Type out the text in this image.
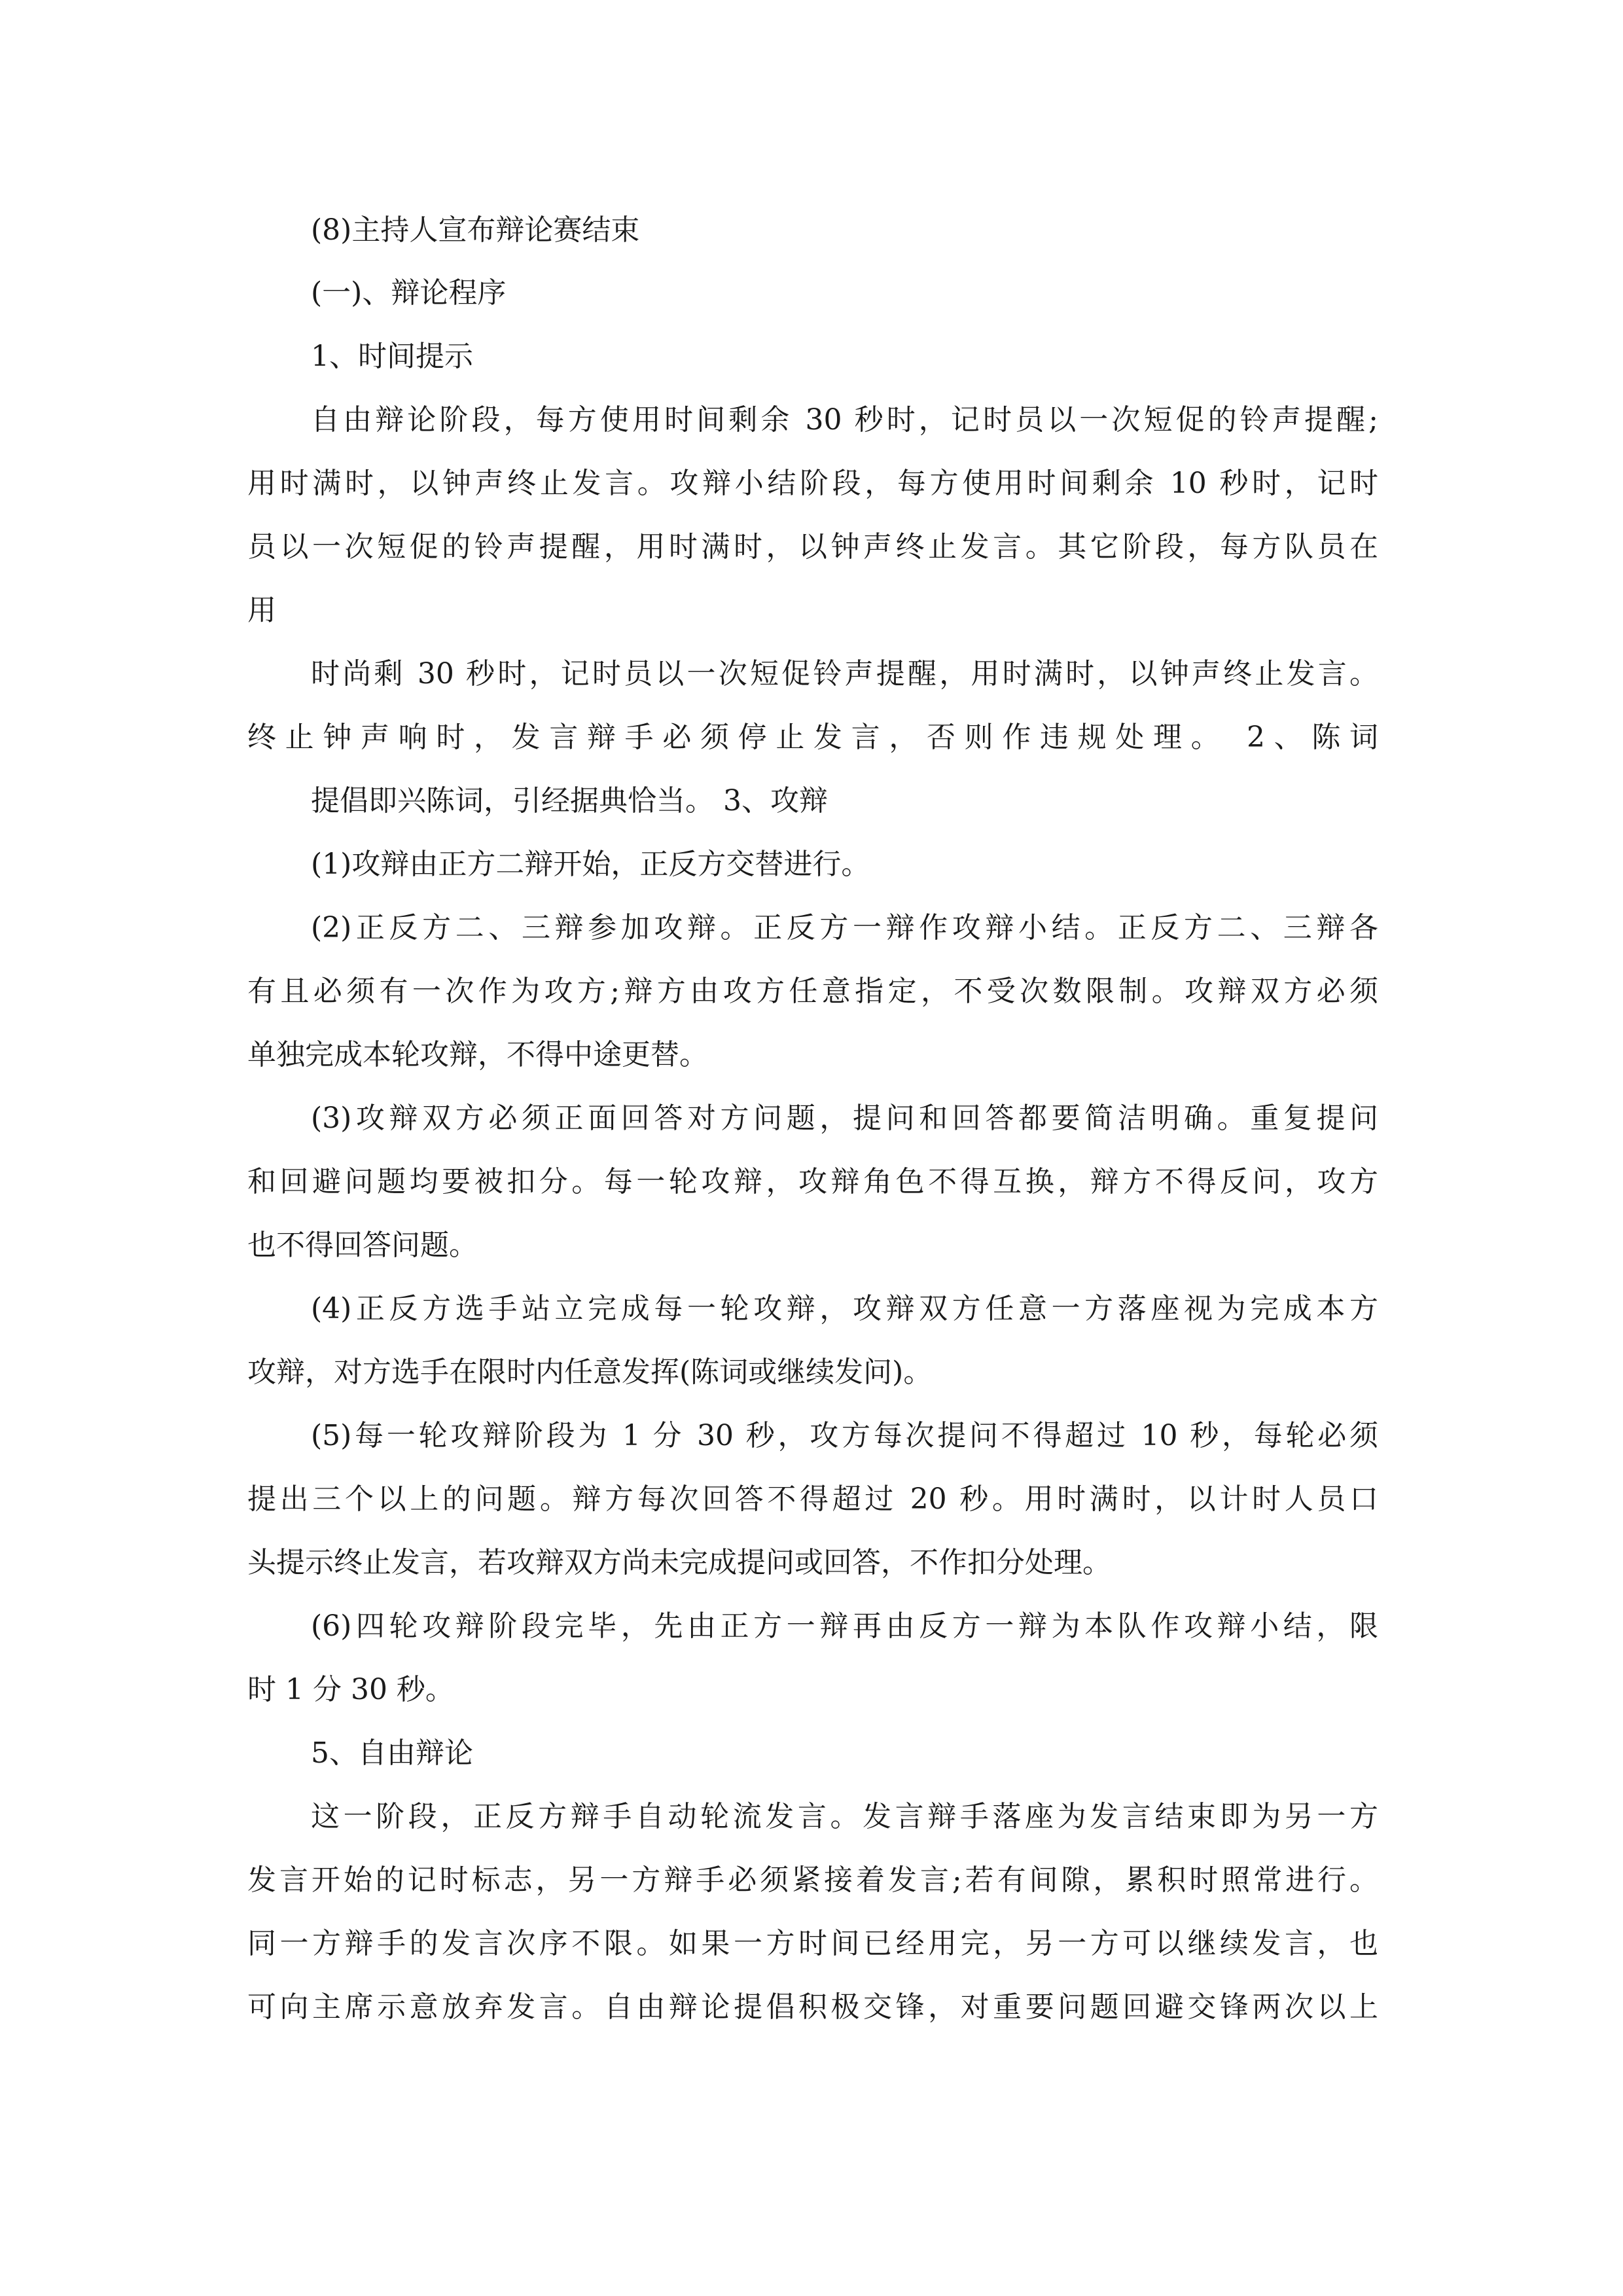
(8)主持人宣布辩论赛结束
(一)、辩论程序
1、时间提示
自由辩论阶段，每方使用时间剩余 30 秒时，记时员以一次短促的铃声提醒;
用时满时，以钟声终止发言。攻辩小结阶段，每方使用时间剩余 10 秒时，记时
员以一次短促的铃声提醒，用时满时，以钟声终止发言。其它阶段，每方队员在
用
时尚剩 30 秒时，记时员以一次短促铃声提醒，用时满时，以钟声终止发言。
终止钟声响时，发言辩手必须停止发言，否则作违规处理。 2、陈词
提倡即兴陈词，引经据典恰当。 3、攻辩
(1)攻辩由正方二辩开始，正反方交替进行。
(2)正反方二、三辩参加攻辩。正反方一辩作攻辩小结。正反方二、三辩各
有且必须有一次作为攻方;辩方由攻方任意指定，不受次数限制。攻辩双方必须
单独完成本轮攻辩，不得中途更替。
(3)攻辩双方必须正面回答对方问题，提问和回答都要简洁明确。重复提问
和回避问题均要被扣分。每一轮攻辩，攻辩角色不得互换，辩方不得反问，攻方
也不得回答问题。
(4)正反方选手站立完成每一轮攻辩，攻辩双方任意一方落座视为完成本方
攻辩，对方选手在限时内任意发挥(陈词或继续发问)。
(5)每一轮攻辩阶段为 1 分 30 秒，攻方每次提问不得超过 10 秒，每轮必须
提出三个以上的问题。辩方每次回答不得超过 20 秒。用时满时，以计时人员口
头提示终止发言，若攻辩双方尚未完成提问或回答，不作扣分处理。
(6)四轮攻辩阶段完毕，先由正方一辩再由反方一辩为本队作攻辩小结，限
时 1 分 30 秒。
5、自由辩论
这一阶段，正反方辩手自动轮流发言。发言辩手落座为发言结束即为另一方
发言开始的记时标志，另一方辩手必须紧接着发言;若有间隙，累积时照常进行。
同一方辩手的发言次序不限。如果一方时间已经用完，另一方可以继续发言，也
可向主席示意放弃发言。自由辩论提倡积极交锋，对重要问题回避交锋两次以上
